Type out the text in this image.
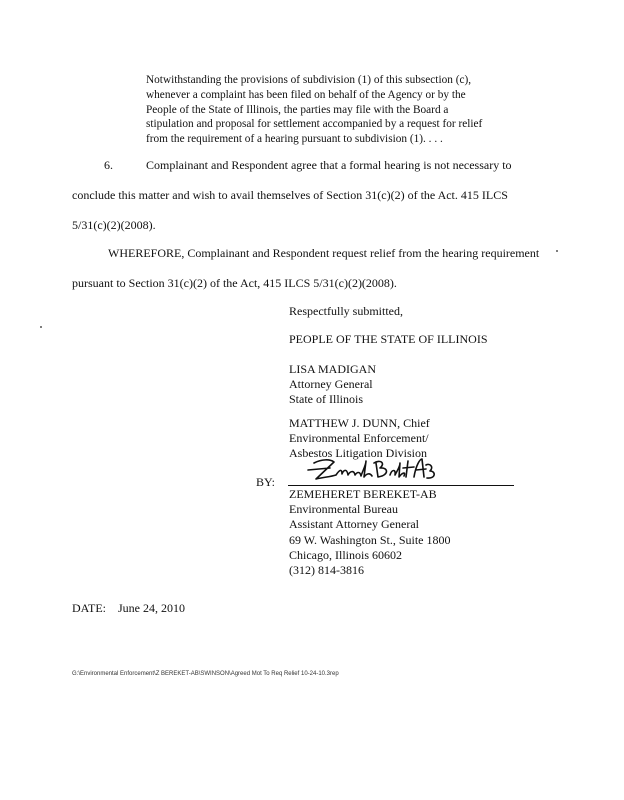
Notwithstanding the provisions of subdivision (1) of this subsection (c),
whenever a complaint has been filed on behalf of the Agency or by the
People of the State of Illinois, the parties may file with the Board a
stipulation and proposal for settlement accompanied by a request for relief
from the requirement of a hearing pursuant to subdivision (1). . . .
6.	Complainant and Respondent agree that a formal hearing is not necessary to
conclude this matter and wish to avail themselves of Section 31(c)(2) of the Act. 415 ILCS
5/31(c)(2)(2008).
WHEREFORE, Complainant and Respondent request relief from the hearing requirement
pursuant to Section 31(c)(2) of the Act, 415 ILCS 5/31(c)(2)(2008).
Respectfully submitted,
PEOPLE OF THE STATE OF ILLINOIS
LISA MADIGAN
Attorney General
State of Illinois
MATTHEW J. DUNN, Chief
Environmental Enforcement/
Asbestos Litigation Division
BY:
ZEMEHERET BEREKET-AB
Environmental Bureau
Assistant Attorney General
69 W. Washington St., Suite 1800
Chicago, Illinois 60602
(312) 814-3816
DATE: June 24, 2010
G:\Environmental Enforcement\Z BEREKET-AB\SWINSON\Agreed Mot To Req Relief 10-24-10.3rep
